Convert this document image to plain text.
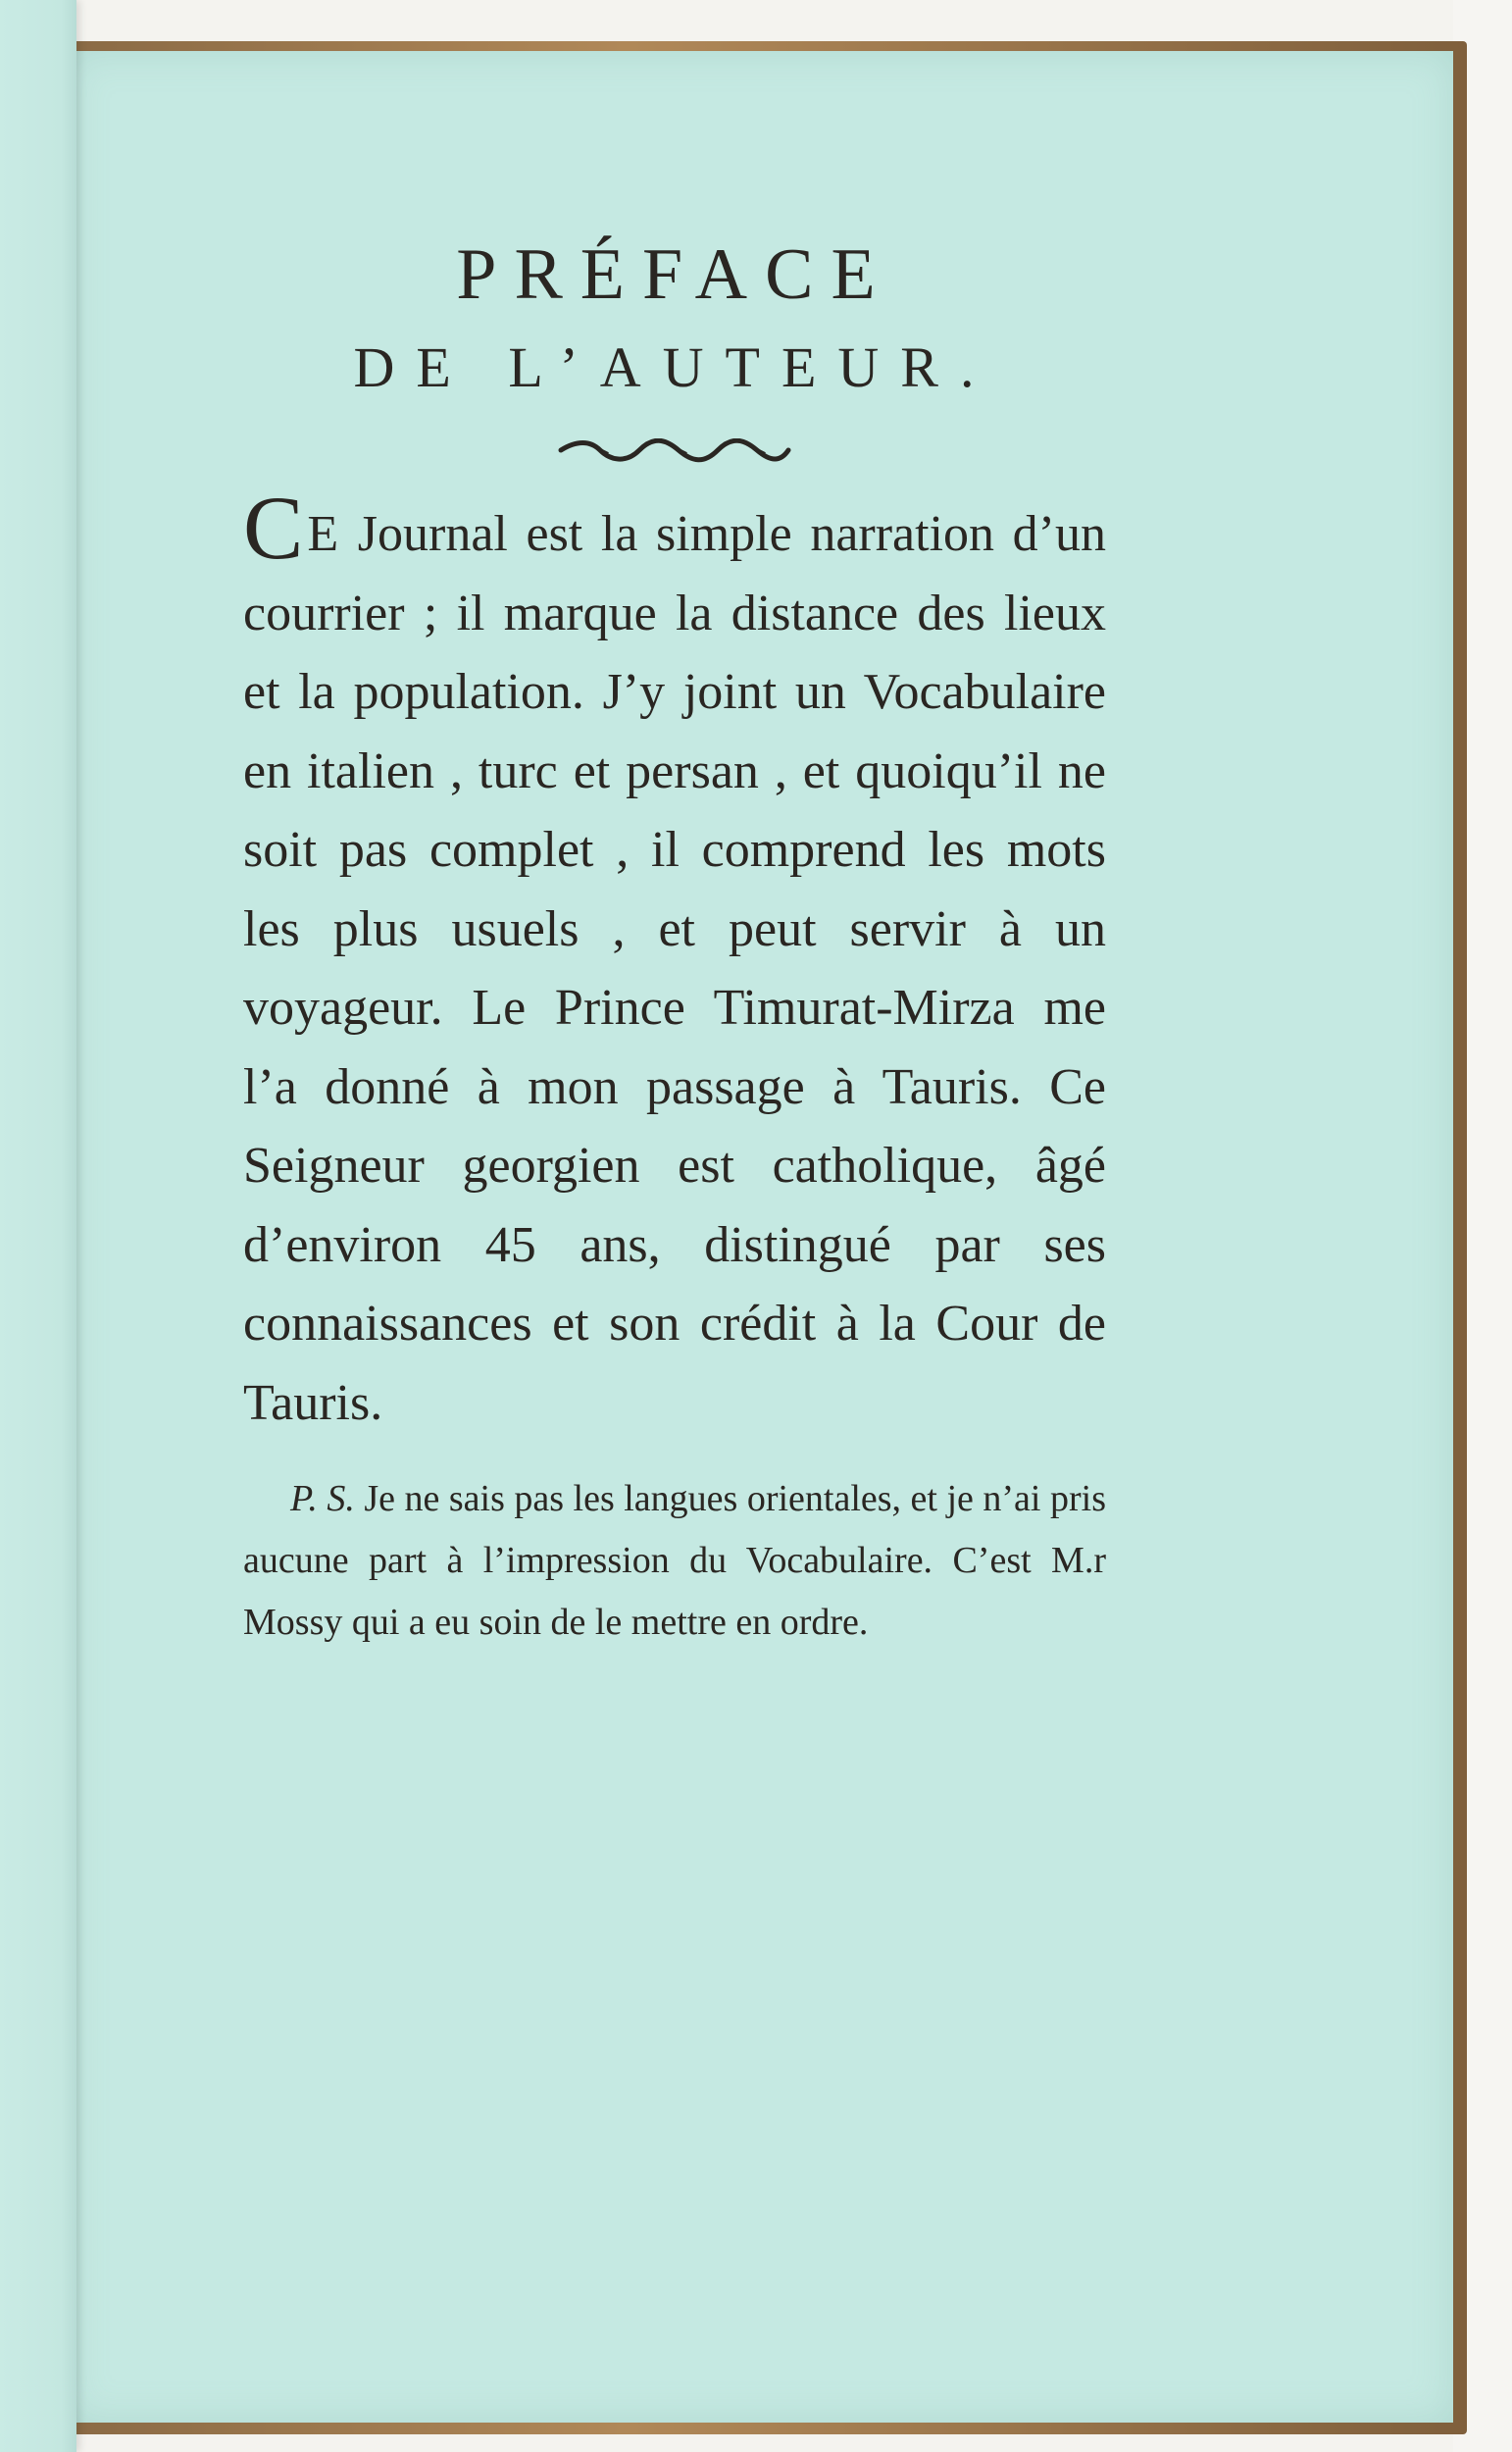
PRÉFACE
DE L’AUTEUR.

CE Journal est la simple narration d’un courrier ; il marque la distance des lieux et la population. J’y joint un Vocabulaire en italien , turc et persan , et quoiqu’il ne soit pas complet , il comprend les mots les plus usuels , et peut servir à un voyageur. Le Prince Timurat-Mirza me l’a donné à mon passage à Tauris. Ce Seigneur georgien est catholique, âgé d’environ 45 ans, distingué par ses connaissances et son crédit à la Cour de Tauris.

P. S. Je ne sais pas les langues orientales, et je n’ai pris aucune part à l’impression du Vocabulaire. C’est M.r Mossy qui a eu soin de le mettre en ordre.
